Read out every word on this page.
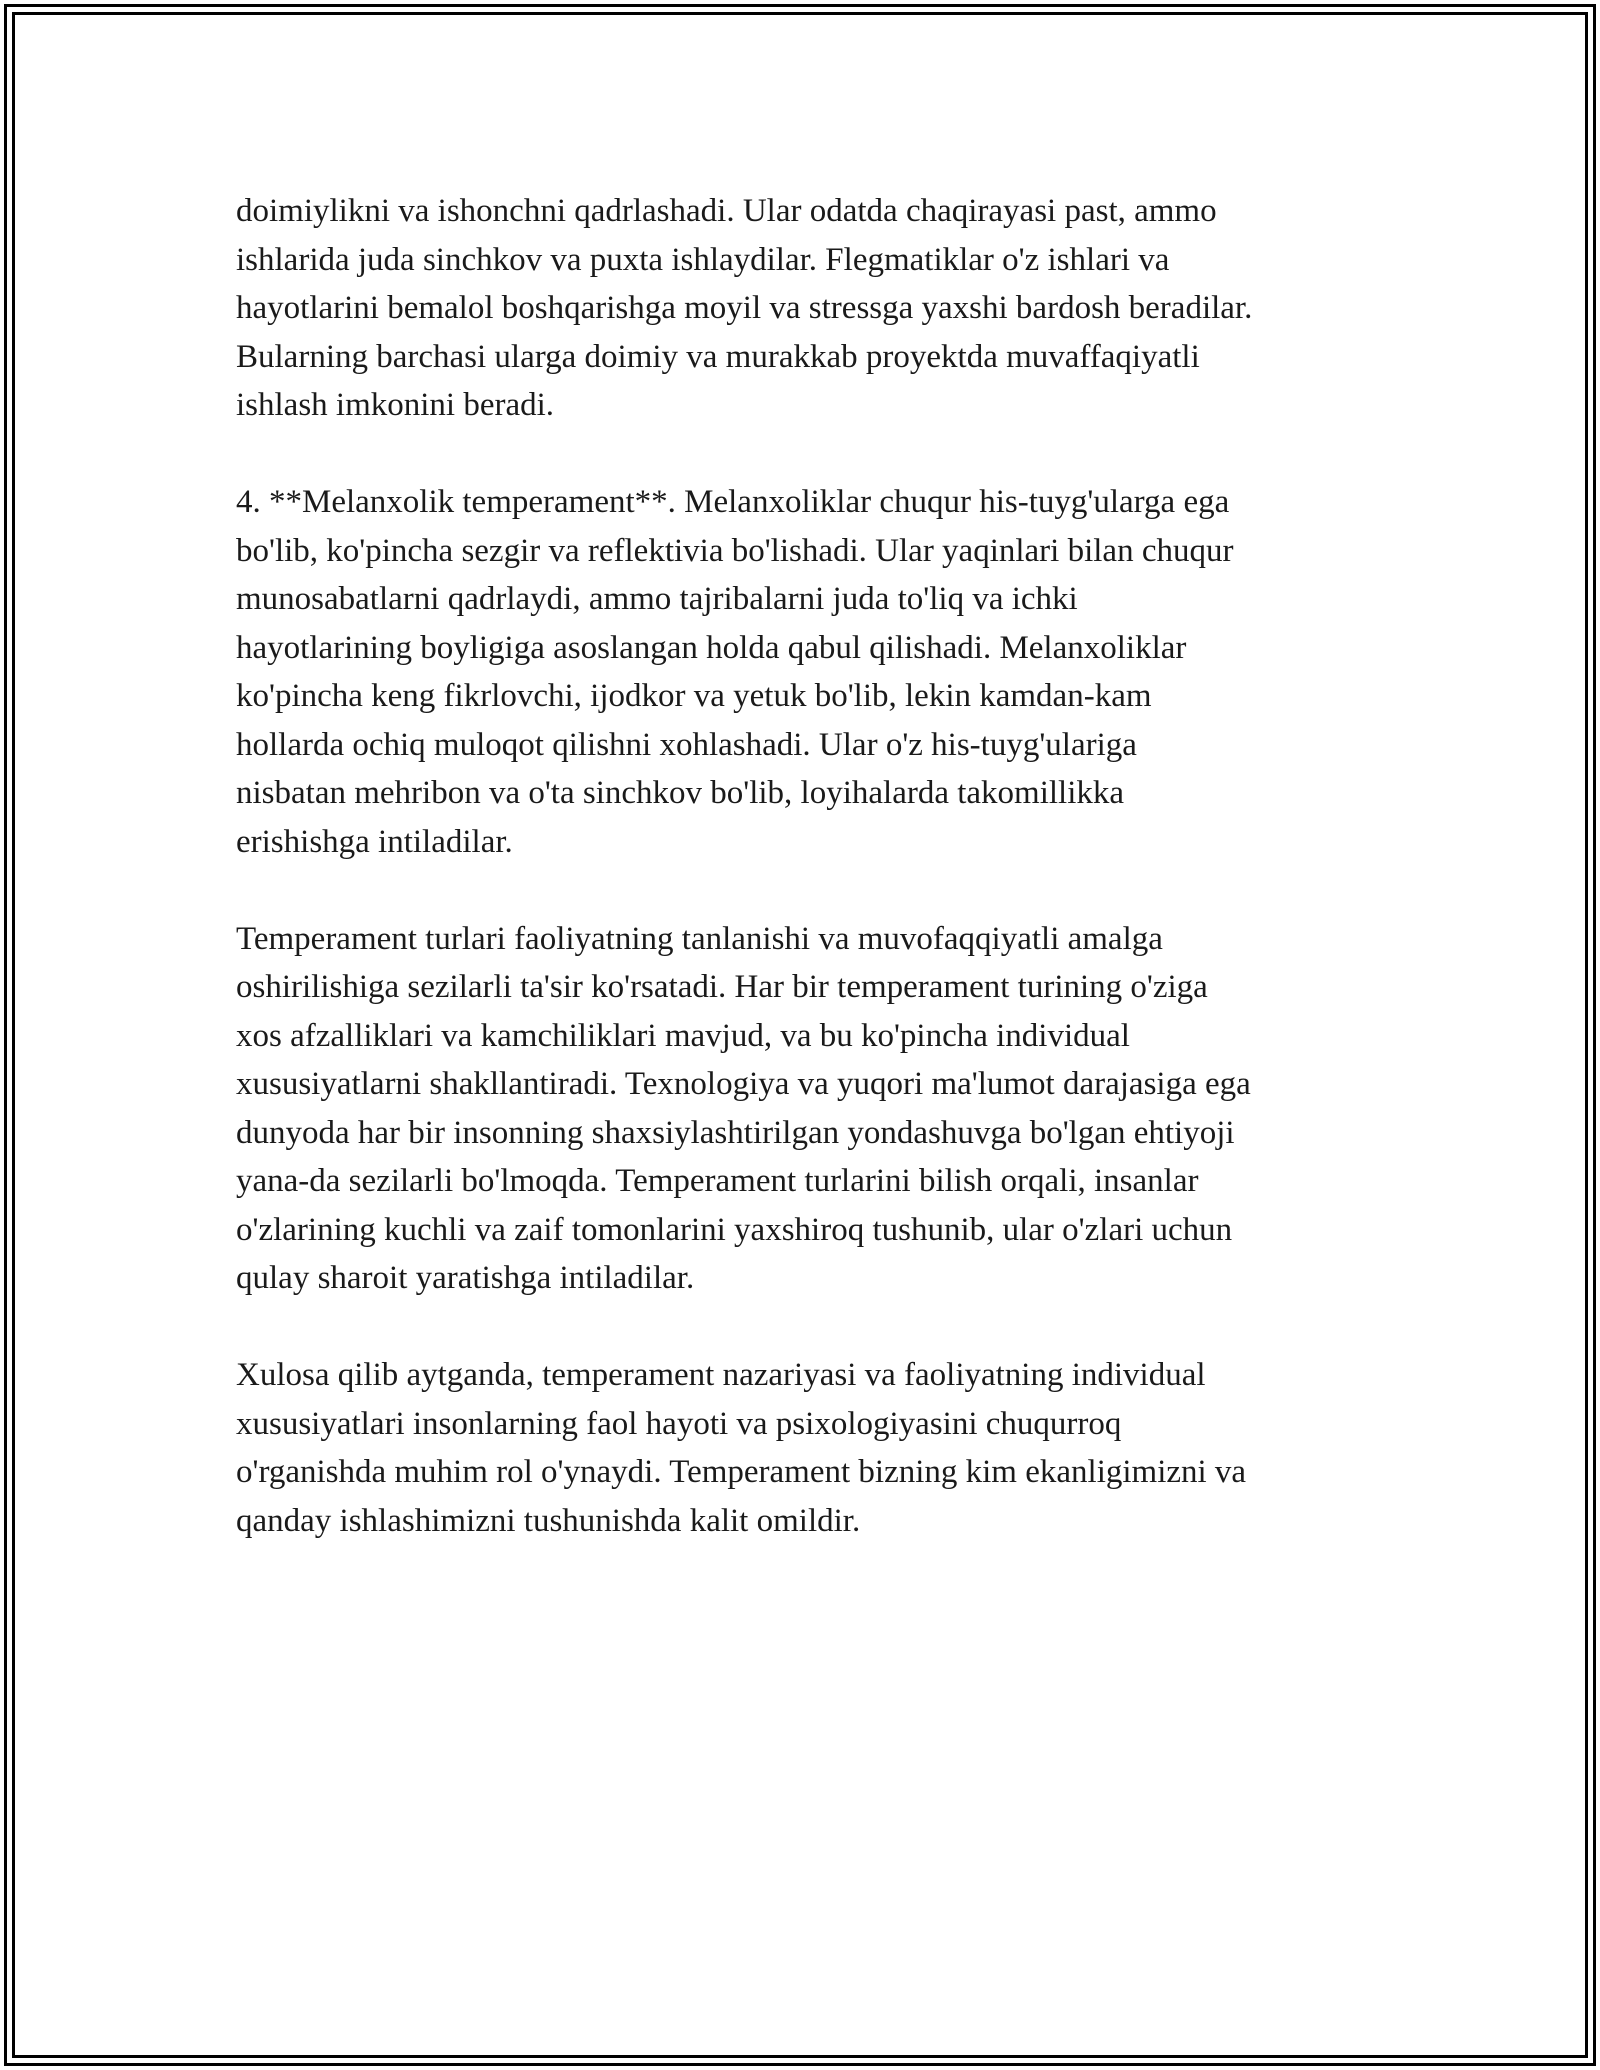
doimiylikni va ishonchni qadrlashadi. Ular odatda chaqirayasi past, ammo
ishlarida juda sinchkov va puxta ishlaydilar. Flegmatiklar o'z ishlari va
hayotlarini bemalol boshqarishga moyil va stressga yaxshi bardosh beradilar.
Bularning barchasi ularga doimiy va murakkab proyektda muvaffaqiyatli
ishlash imkonini beradi.
4. **Melanxolik temperament**. Melanxoliklar chuqur his-tuyg'ularga ega
bo'lib, ko'pincha sezgir va reflektivia bo'lishadi. Ular yaqinlari bilan chuqur
munosabatlarni qadrlaydi, ammo tajribalarni juda to'liq va ichki
hayotlarining boyligiga asoslangan holda qabul qilishadi. Melanxoliklar
ko'pincha keng fikrlovchi, ijodkor va yetuk bo'lib, lekin kamdan-kam
hollarda ochiq muloqot qilishni xohlashadi. Ular o'z his-tuyg'ulariga
nisbatan mehribon va o'ta sinchkov bo'lib, loyihalarda takomillikka
erishishga intiladilar.
Temperament turlari faoliyatning tanlanishi va muvofaqqiyatli amalga
oshirilishiga sezilarli ta'sir ko'rsatadi. Har bir temperament turining o'ziga
xos afzalliklari va kamchiliklari mavjud, va bu ko'pincha individual
xususiyatlarni shakllantiradi. Texnologiya va yuqori ma'lumot darajasiga ega
dunyoda har bir insonning shaxsiylashtirilgan yondashuvga bo'lgan ehtiyoji
yana-da sezilarli bo'lmoqda. Temperament turlarini bilish orqali, insanlar
o'zlarining kuchli va zaif tomonlarini yaxshiroq tushunib, ular o'zlari uchun
qulay sharoit yaratishga intiladilar.
Xulosa qilib aytganda, temperament nazariyasi va faoliyatning individual
xususiyatlari insonlarning faol hayoti va psixologiyasini chuqurroq
o'rganishda muhim rol o'ynaydi. Temperament bizning kim ekanligimizni va
qanday ishlashimizni tushunishda kalit omildir.
